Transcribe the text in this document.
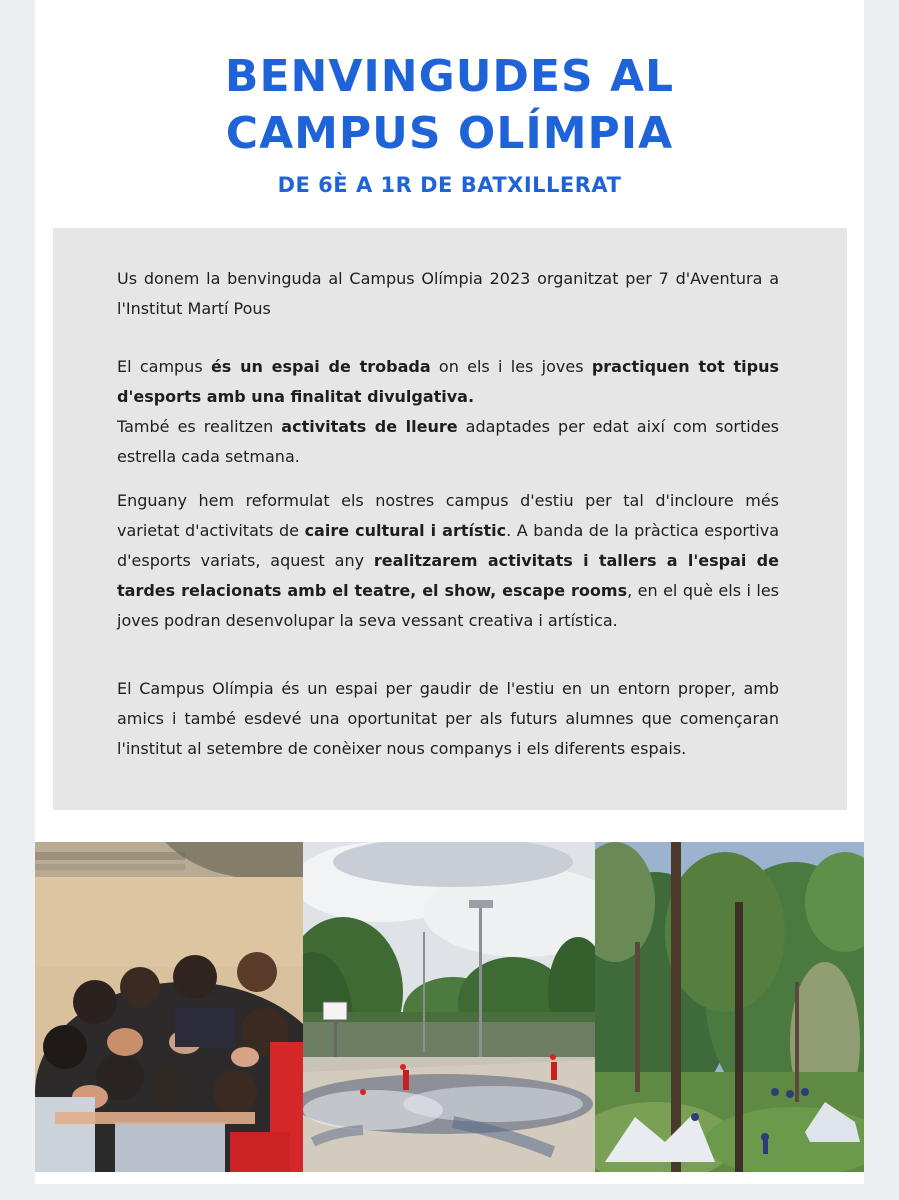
BENVINGUDES AL
CAMPUS OLÍMPIA
DE 6È A 1R DE BATXILLERAT

Us donem la benvinguda al Campus Olímpia 2023 organitzat per 7 d'Aventura a l'Institut Martí Pous

El campus és un espai de trobada on els i les joves practiquen tot tipus d'esports amb una finalitat divulgativa.
També es realitzen activitats de lleure adaptades per edat així com sortides estrella cada setmana.

Enguany hem reformulat els nostres campus d'estiu per tal d'incloure més varietat d'activitats de caire cultural i artístic. A banda de la pràctica esportiva d'esports variats, aquest any realitzarem activitats i tallers a l'espai de tardes relacionats amb el teatre, el show, escape rooms, en el què els i les joves podran desenvolupar la seva vessant creativa i artística.

El Campus Olímpia és un espai per gaudir de l'estiu en un entorn proper, amb amics i també esdevé una oportunitat per als futurs alumnes que començaran l'institut al setembre de conèixer nous companys i els diferents espais.
